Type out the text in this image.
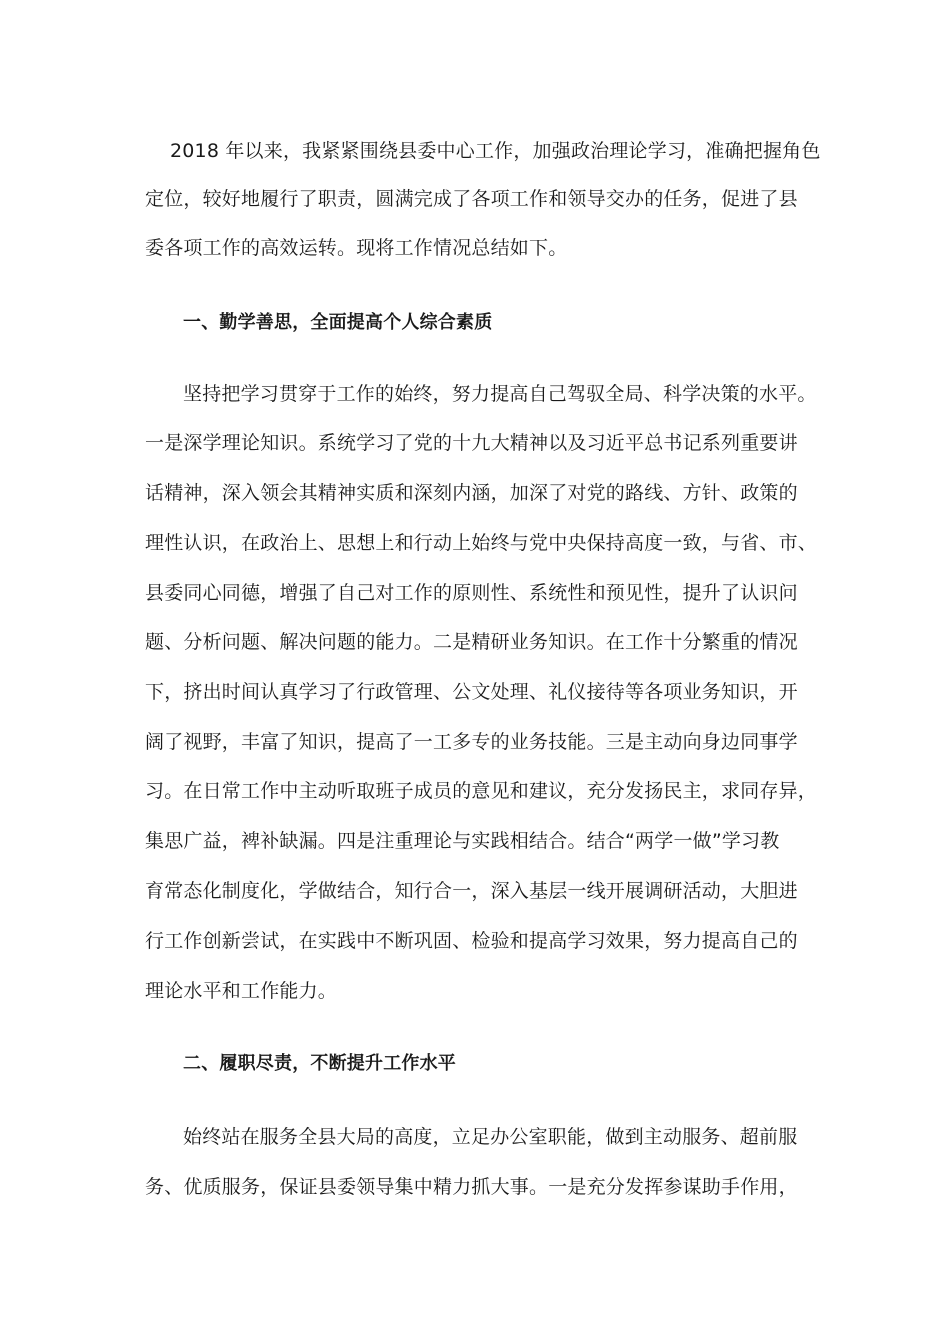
2018 年以来，我紧紧围绕县委中心工作，加强政治理论学习，准确把握角色
定位，较好地履行了职责，圆满完成了各项工作和领导交办的任务，促进了县
委各项工作的高效运转。现将工作情况总结如下。
一、勤学善思，全面提高个人综合素质
坚持把学习贯穿于工作的始终，努力提高自己驾驭全局、科学决策的水平。
一是深学理论知识。系统学习了党的十九大精神以及习近平总书记系列重要讲
话精神，深入领会其精神实质和深刻内涵，加深了对党的路线、方针、政策的
理性认识，在政治上、思想上和行动上始终与党中央保持高度一致，与省、市、
县委同心同德，增强了自己对工作的原则性、系统性和预见性，提升了认识问
题、分析问题、解决问题的能力。二是精研业务知识。在工作十分繁重的情况
下，挤出时间认真学习了行政管理、公文处理、礼仪接待等各项业务知识，开
阔了视野，丰富了知识，提高了一工多专的业务技能。三是主动向身边同事学
习。在日常工作中主动听取班子成员的意见和建议，充分发扬民主，求同存异，
集思广益，裨补缺漏。四是注重理论与实践相结合。结合“两学一做”学习教
育常态化制度化，学做结合，知行合一，深入基层一线开展调研活动，大胆进
行工作创新尝试，在实践中不断巩固、检验和提高学习效果，努力提高自己的
理论水平和工作能力。
二、履职尽责，不断提升工作水平
始终站在服务全县大局的高度，立足办公室职能，做到主动服务、超前服
务、优质服务，保证县委领导集中精力抓大事。一是充分发挥参谋助手作用，
